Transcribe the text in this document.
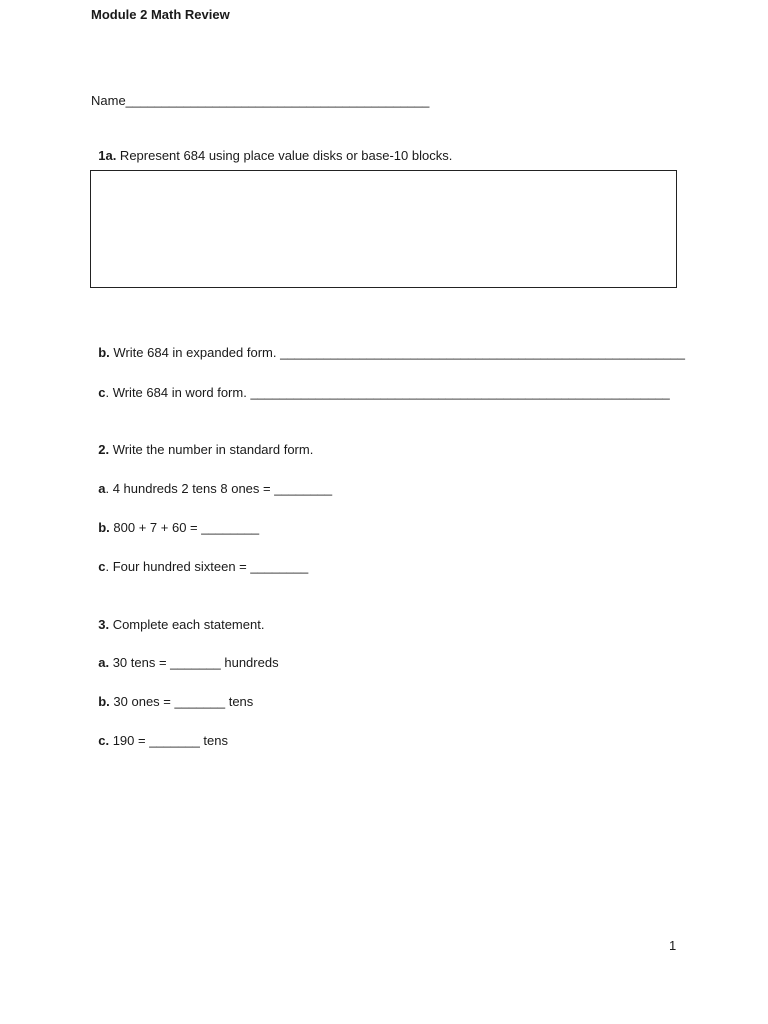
Module 2 Math Review
Name__________________________________________

1a. Represent 684 using place value disks or base-10 blocks.

b. Write 684 in expanded form. ________________________________________________________

c. Write 684 in word form. __________________________________________________________

2. Write the number in standard form.

a. 4 hundreds 2 tens 8 ones = ________

b. 800 + 7 + 60 = ________

c. Four hundred sixteen = ________

3. Complete each statement.

a. 30 tens = _______ hundreds

b. 30 ones = _______ tens

c. 190 = _______ tens

1
